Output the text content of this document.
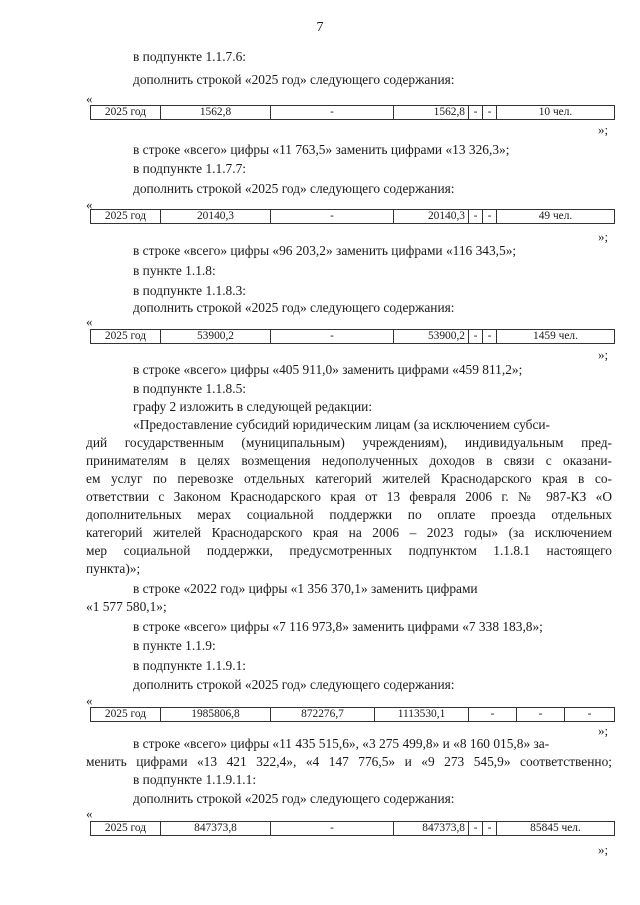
7
в подпункте 1.1.7.6:
дополнить строкой «2025 год» следующего содержания:
«
2025 год	1562,8	-	1562,8	-	-	10 чел.
»;
в строке «всего» цифры «11 763,5» заменить цифрами «13 326,3»;
в подпункте 1.1.7.7:
дополнить строкой «2025 год» следующего содержания:
«
2025 год	20140,3	-	20140,3	-	-	49 чел.
»;
в строке «всего» цифры «96 203,2» заменить цифрами «116 343,5»;
в пункте 1.1.8:
в подпункте 1.1.8.3:
дополнить строкой «2025 год» следующего содержания:
«
2025 год	53900,2	-	53900,2	-	-	1459 чел.
»;
в строке «всего» цифры «405 911,0» заменить цифрами «459 811,2»;
в подпункте 1.1.8.5:
графу 2 изложить в следующей редакции:
«Предоставление субсидий юридическим лицам (за исключением субси-
дий государственным (муниципальным) учреждениям), индивидуальным пред-
принимателям в целях возмещения недополученных доходов в связи с оказани-
ем услуг по перевозке отдельных категорий жителей Краснодарского края в со-
ответствии с Законом Краснодарского края от 13 февраля 2006 г. № 987-КЗ «О
дополнительных мерах социальной поддержки по оплате проезда отдельных
категорий жителей Краснодарского края на 2006 – 2023 годы» (за исключением
мер социальной поддержки, предусмотренных подпунктом 1.1.8.1 настоящего
пункта)»;
в строке «2022 год» цифры «1 356 370,1» заменить цифрами
«1 577 580,1»;
в строке «всего» цифры «7 116 973,8» заменить цифрами «7 338 183,8»;
в пункте 1.1.9:
в подпункте 1.1.9.1:
дополнить строкой «2025 год» следующего содержания:
«
2025 год	1985806,8	872276,7	1113530,1	-	-	-
»;
в строке «всего» цифры «11 435 515,6», «3 275 499,8» и «8 160 015,8» за-
менить цифрами «13 421 322,4», «4 147 776,5» и «9 273 545,9» соответственно;
в подпункте 1.1.9.1.1:
дополнить строкой «2025 год» следующего содержания:
«
2025 год	847373,8	-	847373,8	-	-	85845 чел.
»;
